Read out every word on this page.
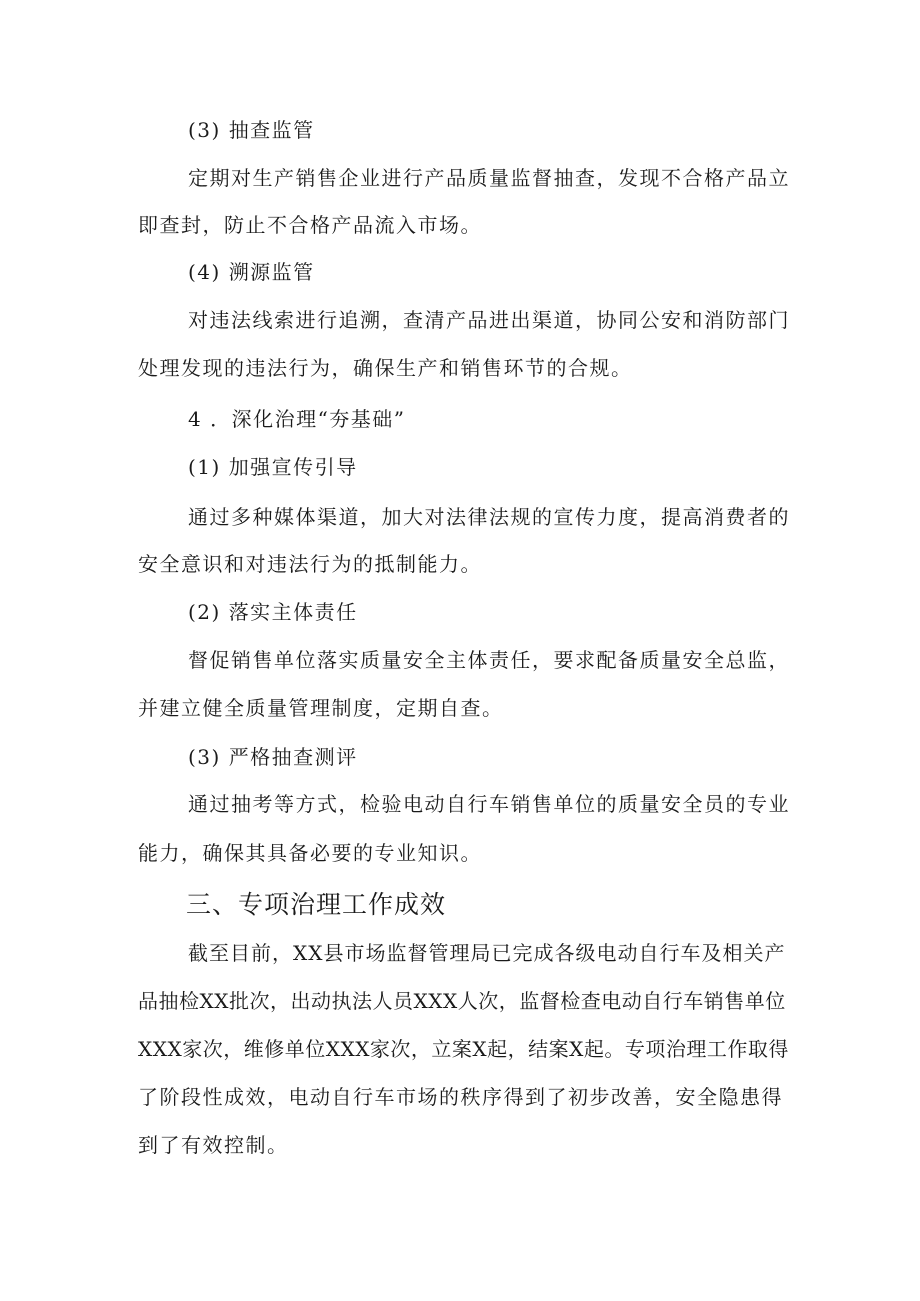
(3) 抽查监管

定期对生产销售企业进行产品质量监督抽查，发现不合格产品立

即查封，防止不合格产品流入市场。

(4) 溯源监管

对违法线索进行追溯，查清产品进出渠道，协同公安和消防部门

处理发现的违法行为，确保生产和销售环节的合规。

4 ．深化治理“夯基础”

(1) 加强宣传引导

通过多种媒体渠道，加大对法律法规的宣传力度，提高消费者的

安全意识和对违法行为的抵制能力。

(2) 落实主体责任

督促销售单位落实质量安全主体责任，要求配备质量安全总监，

并建立健全质量管理制度，定期自查。

(3) 严格抽查测评

通过抽考等方式，检验电动自行车销售单位的质量安全员的专业

能力，确保其具备必要的专业知识。

三、专项治理工作成效

截至目前，XX县市场监督管理局已完成各级电动自行车及相关产

品抽检XX批次，出动执法人员XXX人次，监督检查电动自行车销售单位

XXX家次，维修单位XXX家次，立案X起，结案X起。专项治理工作取得

了阶段性成效，电动自行车市场的秩序得到了初步改善，安全隐患得

到了有效控制。
